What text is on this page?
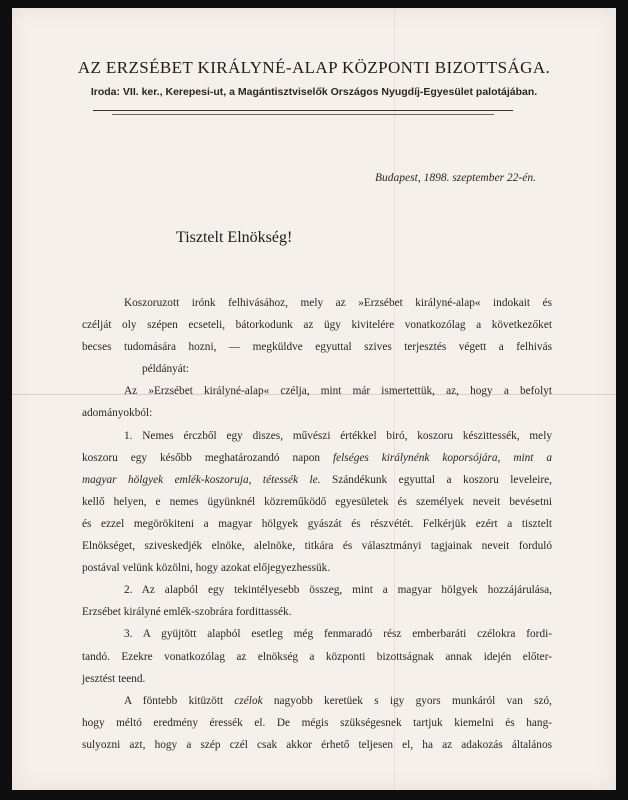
AZ ERZSÉBET KIRÁLYNÉ-ALAP KÖZPONTI BIZOTTSÁGA.
Iroda: VII. ker., Kerepesi-ut, a Magántisztviselők Országos Nyugdíj-Egyesület palotájában.
Budapest, 1898. szeptember 22-én.
Tisztelt Elnökség!
Koszoruzott irónk felhivásához, mely az »Erzsébet királyné-alap« indokait és
czélját oly szépen ecseteli, bátorkodunk az ügy kivitelére vonatkozólag a következőket
becses tudomására hozni, — megküldve egyuttal szives terjesztés végett a felhivás
példányát:
Az »Erzsébet királyné-alap« czélja, mint már ismertettük, az, hogy a befolyt
adományokból:
1. Nemes érczből egy diszes, művészi értékkel biró, koszoru készittessék, mely
koszoru egy később meghatározandó napon felséges királynénk koporsójára, mint a
magyar hölgyek emlék-koszoruja, tétessék le. Szándékunk egyuttal a koszoru leveleire,
kellő helyen, e nemes ügyünknél közreműködő egyesületek és személyek neveit bevésetni
és ezzel megörökiteni a magyar hölgyek gyászát és részvétét. Felkérjük ezért a tisztelt
Elnökséget, sziveskedjék elnöke, alelnöke, titkára és választmányi tagjainak neveit forduló
postával velünk közölni, hogy azokat előjegyezhessük.
2. Az alapból egy tekintélyesebb összeg, mint a magyar hölgyek hozzájárulása,
Erzsébet királyné emlék-szobrára fordittassék.
3. A gyüjtött alapból esetleg még fenmaradó rész emberbaráti czélokra fordi-
tandó. Ezekre vonatkozólag az elnökség a központi bizottságnak annak idején előter-
jesztést teend.
A föntebb kitüzött czélok nagyobb keretüek s igy gyors munkáról van szó,
hogy méltó eredmény éressék el. De mégis szükségesnek tartjuk kiemelni és hang-
sulyozni azt, hogy a szép czél csak akkor érhető teljesen el, ha az adakozás általános
